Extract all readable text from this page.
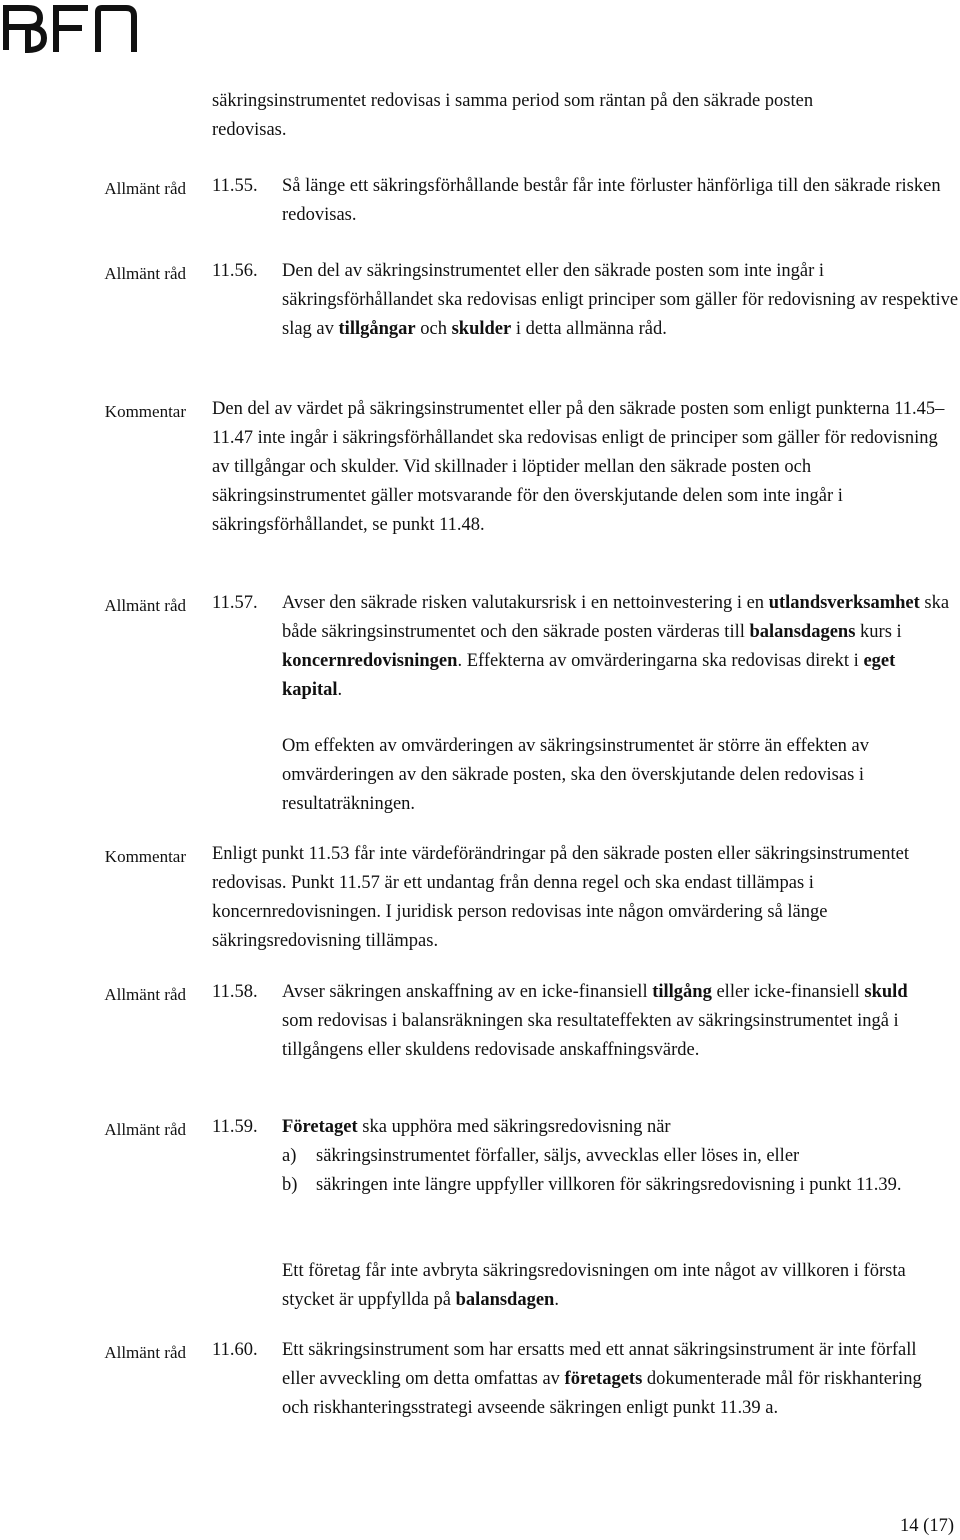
säkringsinstrumentet redovisas i samma period som räntan på den säkrade posten

redovisas.

Allmänt råd 11.55.	Så länge ett säkringsförhållande består får inte förluster hänförliga till den säkrade risken redovisas.
Allmänt råd 11.56.	Den del av säkringsinstrumentet eller den säkrade posten som inte ingår i säkringsförhållandet ska redovisas enligt principer som gäller för redovisning av respektive slag av tillgångar och skulder i detta allmänna råd.
Kommentar Den del av värdet på säkringsinstrumentet eller på den säkrade posten som enligt punkterna 11.45–11.47 inte ingår i säkringsförhållandet ska redovisas enligt de principer som gäller för redovisning av tillgångar och skulder. Vid skillnader i löptider mellan den säkrade posten och säkringsinstrumentet gäller motsvarande för den överskjutande delen som inte ingår i säkringsförhållandet, se punkt 11.48.
Allmänt råd 11.57.	Avser den säkrade risken valutakursrisk i en nettoinvestering i en utlandsverksamhet ska både säkringsinstrumentet och den säkrade posten värderas till balansdagens kurs i koncernredovisningen. Effekterna av omvärderingarna ska redovisas direkt i eget kapital.
Om effekten av omvärderingen av säkringsinstrumentet är större än effekten av omvärderingen av den säkrade posten, ska den överskjutande delen redovisas i resultaträkningen.
Kommentar Enligt punkt 11.53 får inte värdeförändringar på den säkrade posten eller säkringsinstrumentet redovisas. Punkt 11.57 är ett undantag från denna regel och ska endast tillämpas i koncernredovisningen. I juridisk person redovisas inte någon omvärdering så länge säkringsredovisning tillämpas.
Allmänt råd 11.58.	Avser säkringen anskaffning av en icke-finansiell tillgång eller icke-finansiell skuld som redovisas i balansräkningen ska resultateffekten av säkringsinstrumentet ingå i tillgångens eller skuldens redovisade anskaffningsvärde.
Allmänt råd 11.59.	Företaget ska upphöra med säkringsredovisning när

a)	säkringsinstrumentet förfaller, säljs, avvecklas eller löses in, eller
b)	säkringen inte längre uppfyller villkoren för säkringsredovisning i punkt 11.39.
Ett företag får inte avbryta säkringsredovisningen om inte något av villkoren i första stycket är uppfyllda på balansdagen.
Allmänt råd 11.60.	Ett säkringsinstrument som har ersatts med ett annat säkringsinstrument är inte förfall eller avveckling om detta omfattas av företagets dokumenterade mål för riskhantering och riskhanteringsstrategi avseende säkringen enligt punkt 11.39 a.
14 (17)
